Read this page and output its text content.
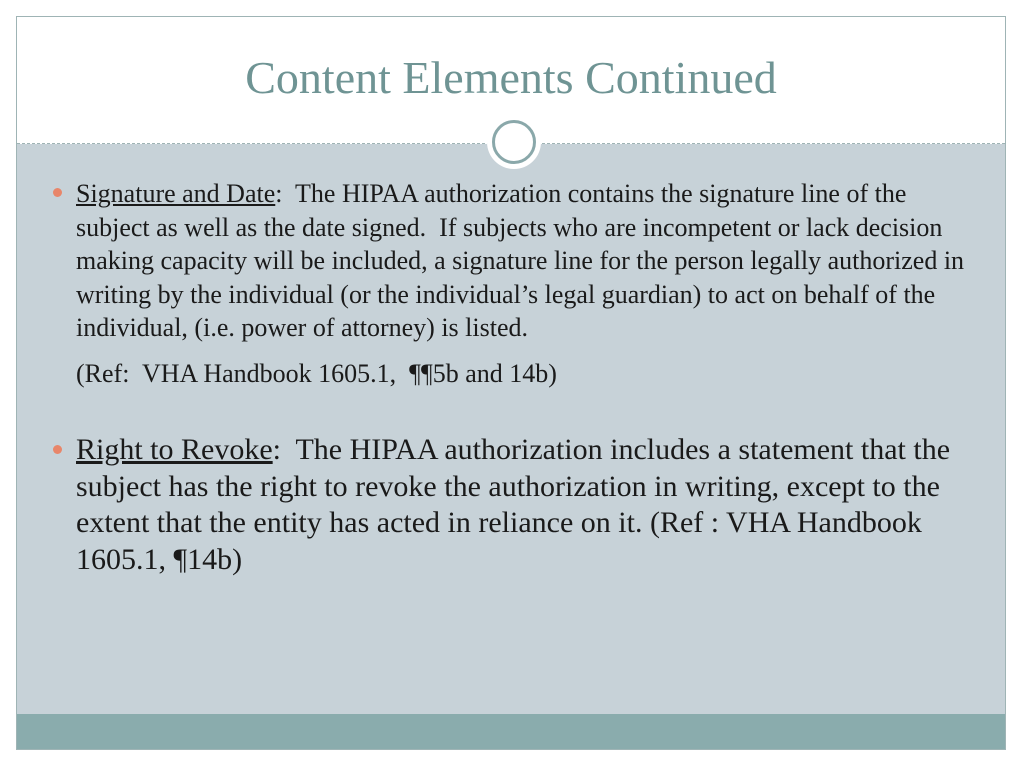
Content Elements Continued
Signature and Date:  The HIPAA authorization contains the signature line of the subject as well as the date signed.  If subjects who are incompetent or lack decision making capacity will be included, a signature line for the person legally authorized in writing by the individual (or the individual’s legal guardian) to act on behalf of the individual, (i.e. power of attorney) is listed.
(Ref:  VHA Handbook 1605.1,  ¶¶5b and 14b)
Right to Revoke:  The HIPAA authorization includes a statement that the subject has the right to revoke the authorization in writing, except to the extent that the entity has acted in reliance on it. (Ref : VHA Handbook 1605.1, ¶14b)
